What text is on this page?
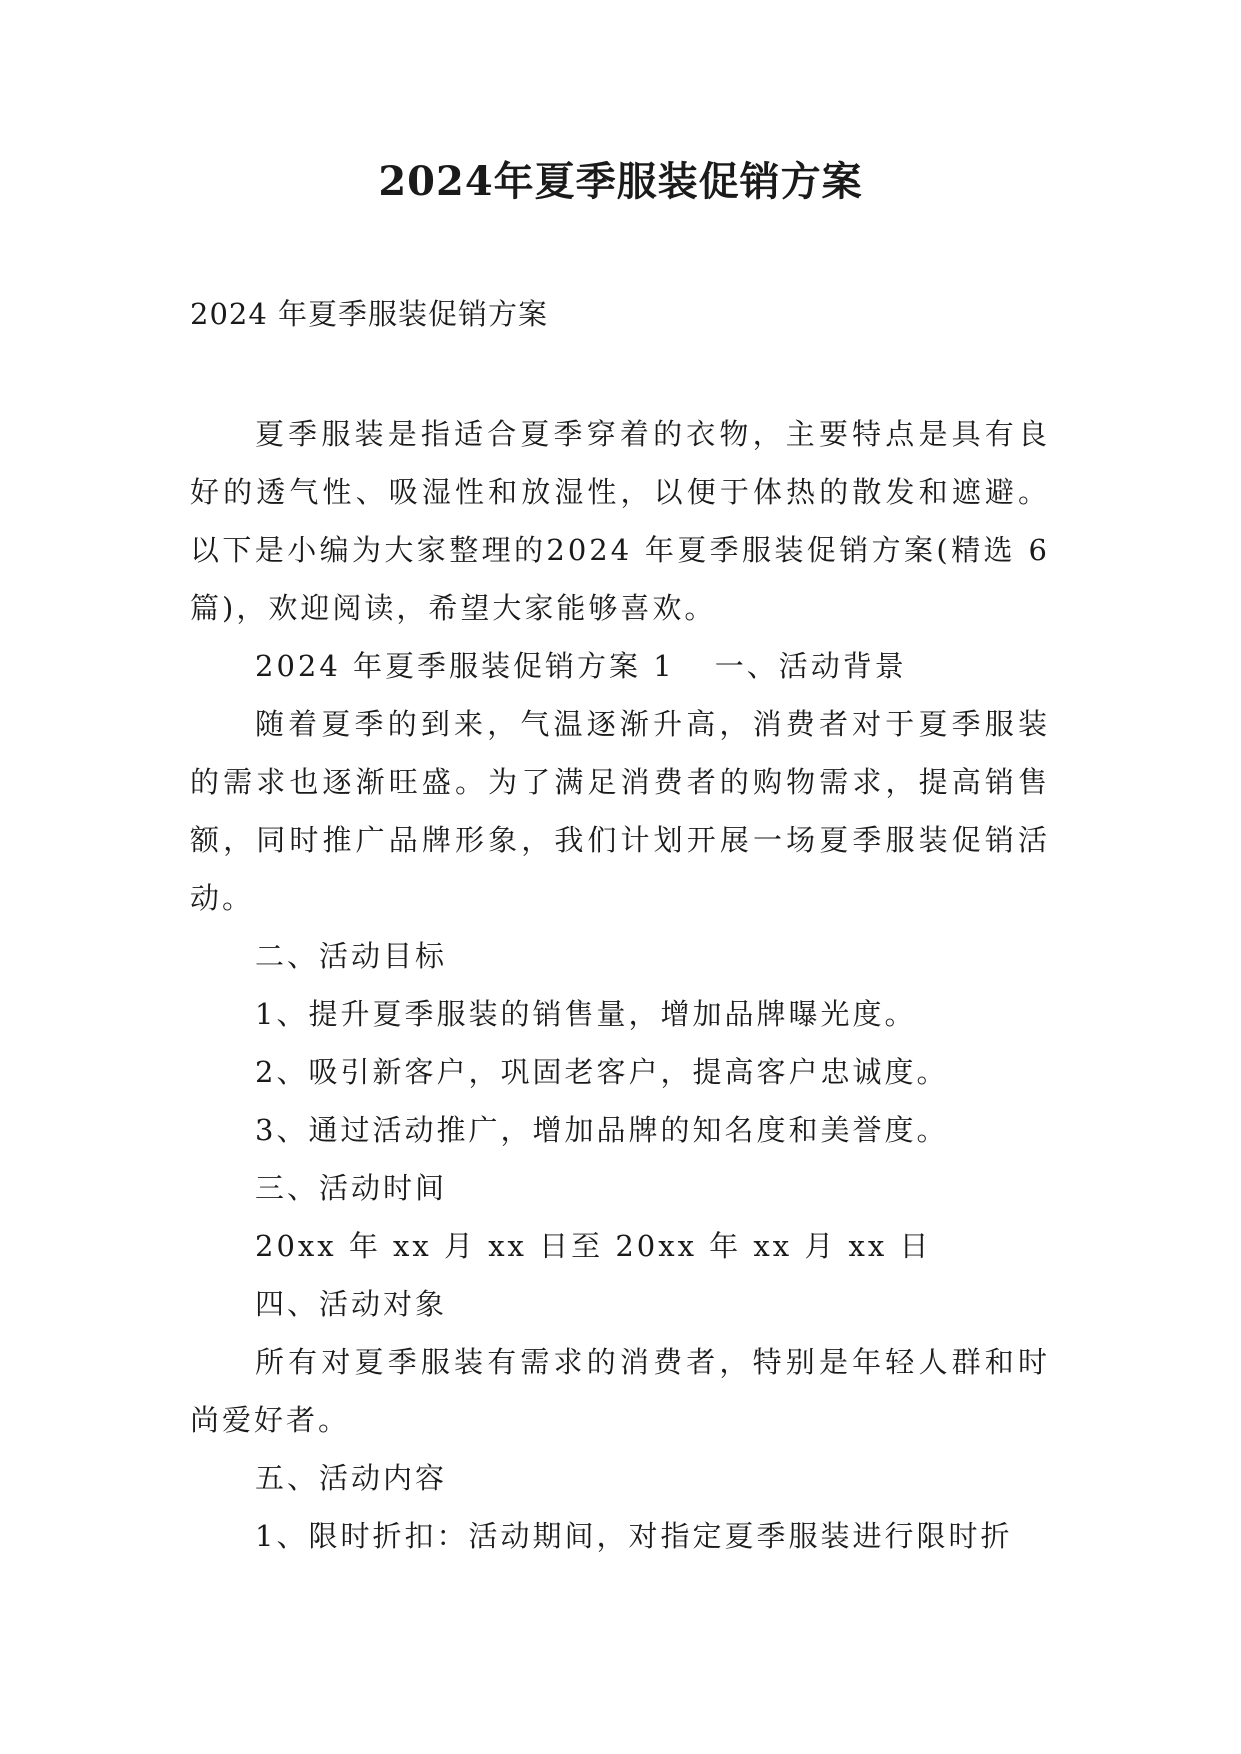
2024年夏季服装促销方案
2024 年夏季服装促销方案

夏季服装是指适合夏季穿着的衣物，主要特点是具有良好的透气性、吸湿性和放湿性，以便于体热的散发和遮避。以下是小编为大家整理的2024 年夏季服装促销方案(精选 6 篇)，欢迎阅读，希望大家能够喜欢。

2024 年夏季服装促销方案 1 一、活动背景

随着夏季的到来，气温逐渐升高，消费者对于夏季服装的需求也逐渐旺盛。为了满足消费者的购物需求，提高销售额，同时推广品牌形象，我们计划开展一场夏季服装促销活动。

二、活动目标

1、提升夏季服装的销售量，增加品牌曝光度。

2、吸引新客户，巩固老客户，提高客户忠诚度。

3、通过活动推广，增加品牌的知名度和美誉度。

三、活动时间

20xx 年 xx 月 xx 日至 20xx 年 xx 月 xx 日

四、活动对象

所有对夏季服装有需求的消费者，特别是年轻人群和时尚爱好者。

五、活动内容

1、限时折扣：活动期间，对指定夏季服装进行限时折
